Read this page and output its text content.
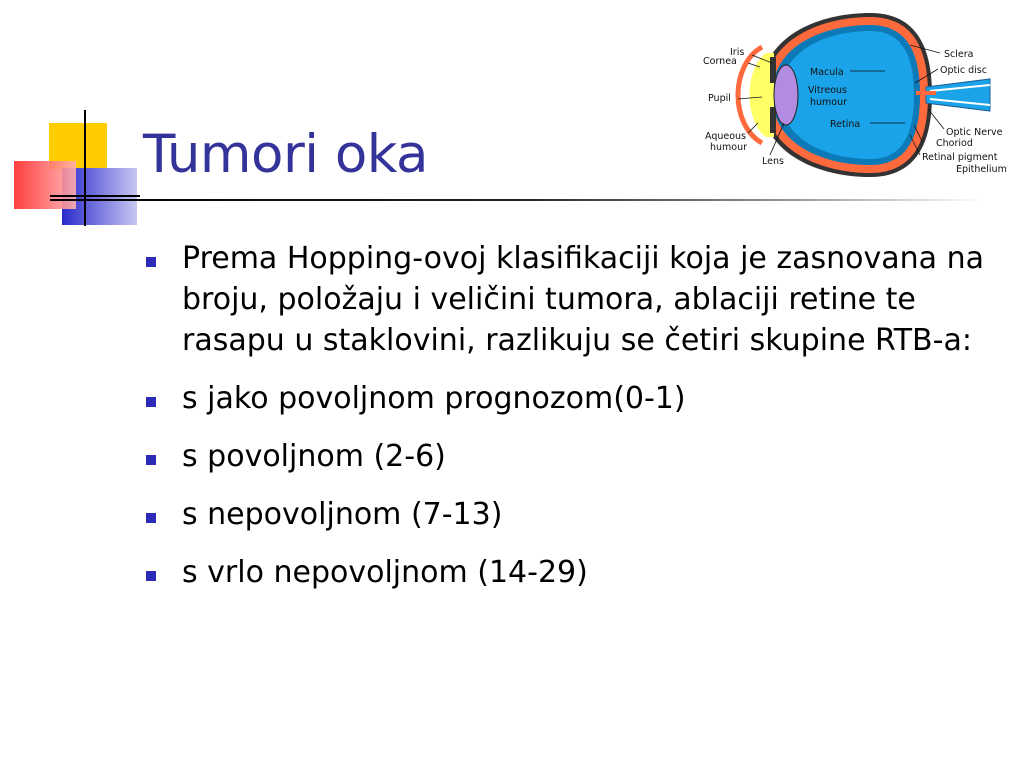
Tumori oka
Iris
Cornea
Pupil
Aqueous
humour
Lens
Macula
Vitreous
humour
Retina
Sclera
Optic disc
Optic Nerve
Choriod
Retinal pigment
Epithelium
Prema Hopping-ovoj klasifikaciji koja je zasnovana na broju, položaju i veličini tumora, ablaciji retine te rasapu u staklovini, razlikuju se četiri skupine RTB-a:
s jako povoljnom prognozom(0-1)
s povoljnom (2-6)
s nepovoljnom (7-13)
s vrlo nepovoljnom (14-29)
